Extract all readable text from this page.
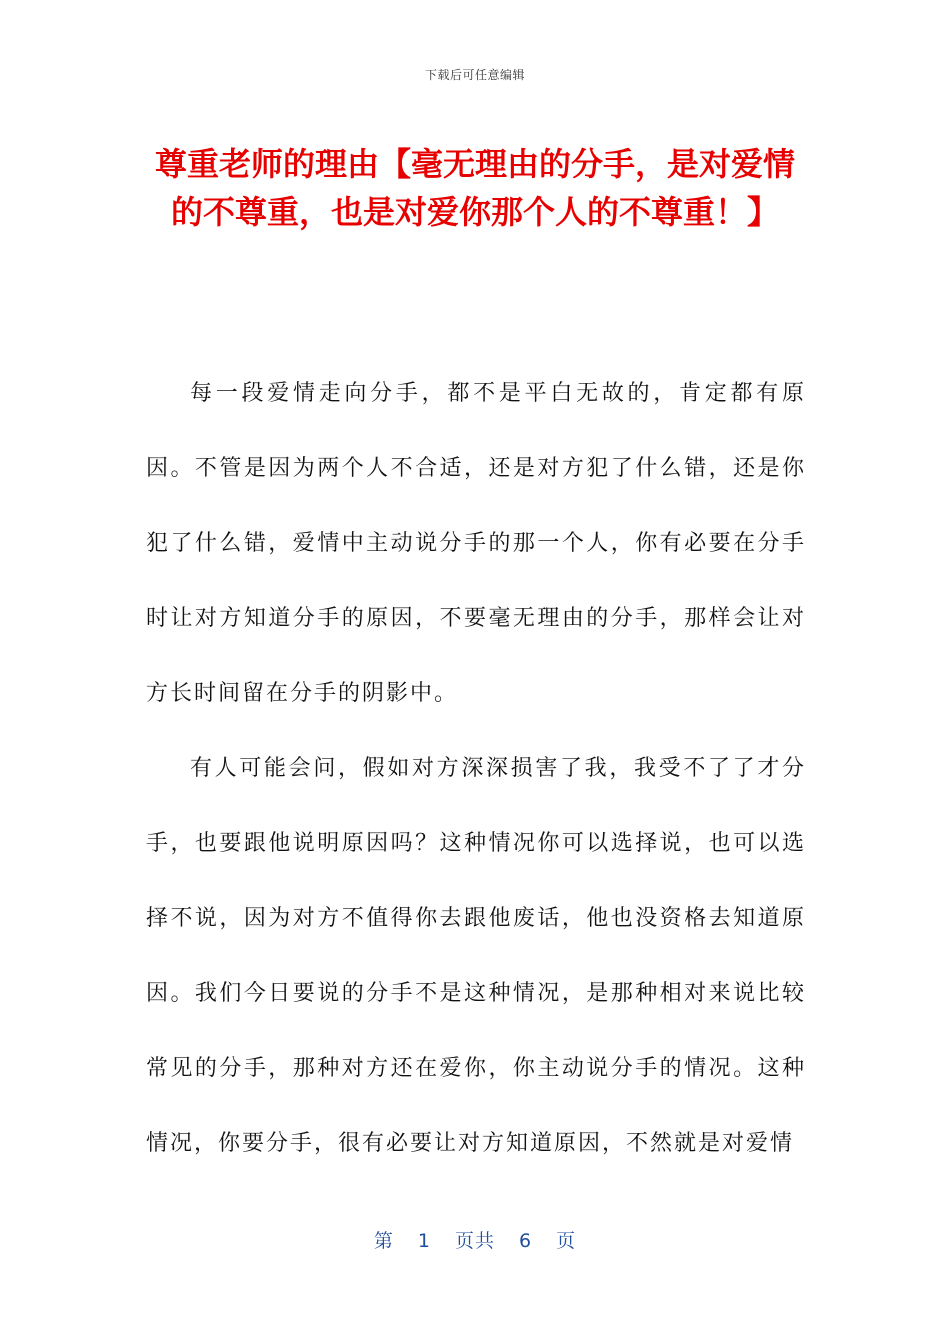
下载后可任意编辑
尊重老师的理由【毫无理由的分手，是对爱情的不尊重，也是对爱你那个人的不尊重！】

每一段爱情走向分手，都不是平白无故的，肯定都有原因。不管是因为两个人不合适，还是对方犯了什么错，还是你犯了什么错，爱情中主动说分手的那一个人，你有必要在分手时让对方知道分手的原因，不要毫无理由的分手，那样会让对方长时间留在分手的阴影中。

有人可能会问，假如对方深深损害了我，我受不了了才分手，也要跟他说明原因吗？这种情况你可以选择说，也可以选择不说，因为对方不值得你去跟他废话，他也没资格去知道原因。我们今日要说的分手不是这种情况，是那种相对来说比较常见的分手，那种对方还在爱你，你主动说分手的情况。这种情况，你要分手，很有必要让对方知道原因，不然就是对爱情

第 1 页共 6 页
